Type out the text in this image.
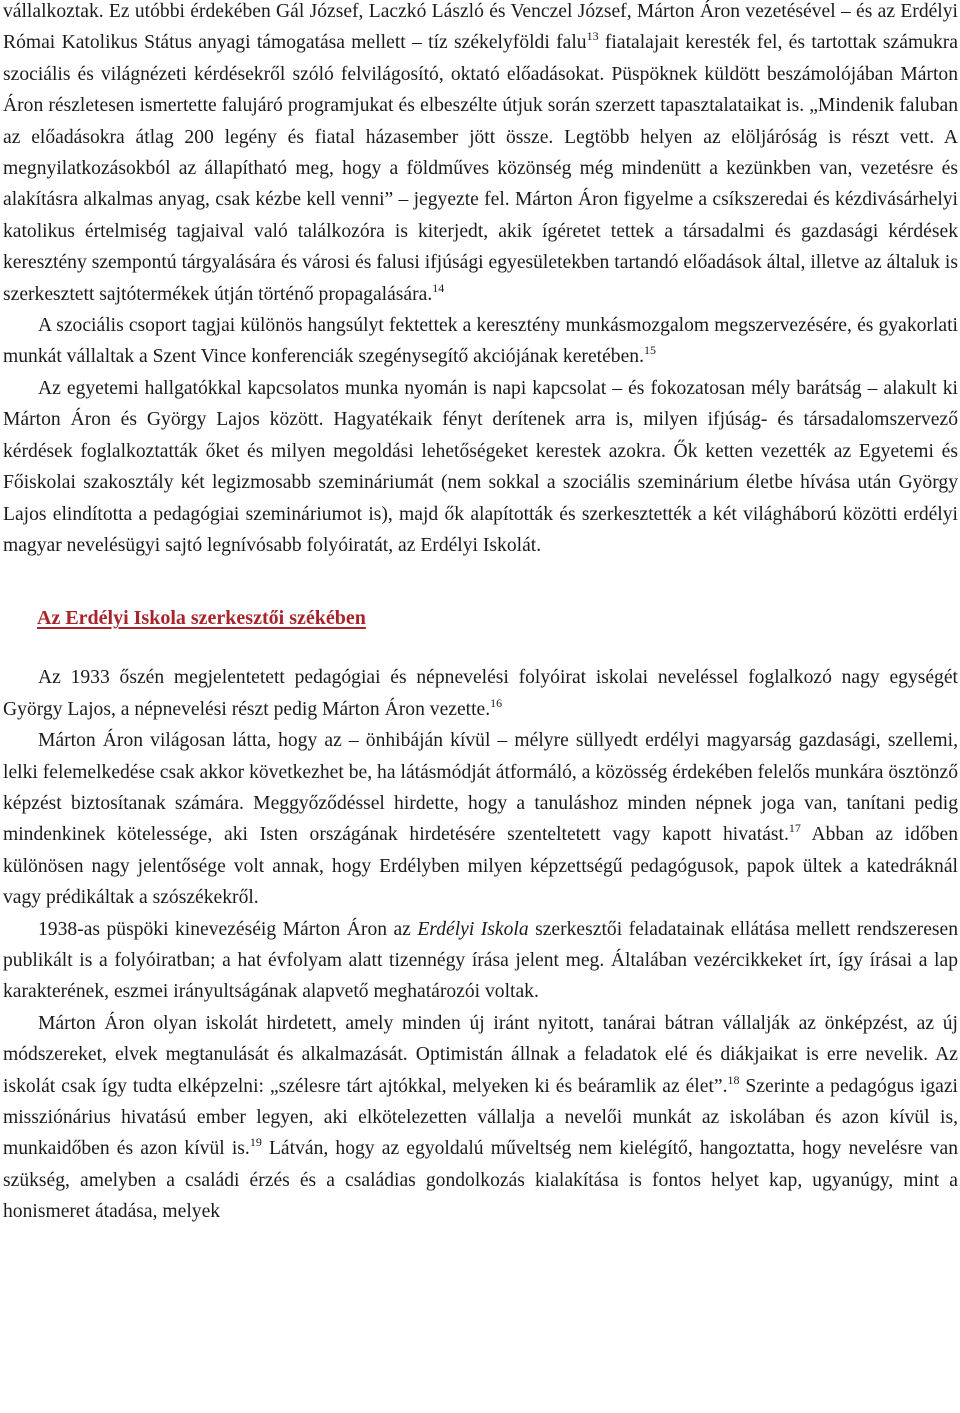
vállalkoztak. Ez utóbbi érdekében Gál József, Laczkó László és Venczel József, Márton Áron vezetésével – és az Erdélyi Római Katolikus Státus anyagi támogatása mellett – tíz székelyföldi falu$^{13}$ fiatalajait keresték fel, és tartottak számukra szociális és világnézeti kérdésekről szóló felvilágosító, oktató előadásokat. Püspöknek küldött beszámolójában Márton Áron részletesen ismertette falujáró programjukat és elbeszélte útjuk során szerzett tapasztalataikat is. „Mindenik faluban az előadásokra átlag 200 legény és fiatal házasember jött össze. Legtöbb helyen az elöljáróság is részt vett. A megnyilatkozásokból az állapítható meg, hogy a földműves közönség még mindenütt a kezünkben van, vezetésre és alakításra alkalmas anyag, csak kézbe kell venni” – jegyezte fel. Márton Áron figyelme a csíkszeredai és kézdivásárhelyi katolikus értelmiség tagjaival való találkozóra is kiterjedt, akik ígéretet tettek a társadalmi és gazdasági kérdések keresztény szempontú tárgyalására és városi és falusi ifjúsági egyesületekben tartandó előadások által, illetve az általuk is szerkesztett sajtótermékek útján történő propagalására.$^{14}$

A szociális csoport tagjai különös hangsúlyt fektettek a keresztény munkásmozgalom megszervezésére, és gyakorlati munkát vállaltak a Szent Vince konferenciák szegénysegítő akciójának keretében.$^{15}$

Az egyetemi hallgatókkal kapcsolatos munka nyomán is napi kapcsolat – és fokozatosan mély barátság – alakult ki Márton Áron és György Lajos között. Hagyatékaik fényt derítenek arra is, milyen ifjúság- és társadalomszervező kérdések foglalkoztatták őket és milyen megoldási lehetőségeket kerestek azokra. Ők ketten vezették az Egyetemi és Főiskolai szakosztály két legizmosabb szemináriumát (nem sokkal a szociális szeminárium életbe hívása után György Lajos elindította a pedagógiai szemináriumot is), majd ők alapították és szerkesztették a két világháború közötti erdélyi magyar nevelésügyi sajtó legnívósabb folyóiratát, az Erdélyi Iskolát.

Az Erdélyi Iskola szerkesztői székében

Az 1933 őszén megjelentetett pedagógiai és népnevelési folyóirat iskolai neveléssel foglalkozó nagy egységét György Lajos, a népnevelési részt pedig Márton Áron vezette.$^{16}$

Márton Áron világosan látta, hogy az – önhibáján kívül – mélyre süllyedt erdélyi magyarság gazdasági, szellemi, lelki felemelkedése csak akkor következhet be, ha látásmódját átformáló, a közösség érdekében felelős munkára ösztönző képzést biztosítanak számára. Meggyőződéssel hirdette, hogy a tanuláshoz minden népnek joga van, tanítani pedig mindenkinek kötelessége, aki Isten országának hirdetésére szenteltetett vagy kapott hivatást.$^{17}$ Abban az időben különösen nagy jelentősége volt annak, hogy Erdélyben milyen képzettségű pedagógusok, papok ültek a katedráknál vagy prédikáltak a szószékekről.

1938-as püspöki kinevezéséig Márton Áron az Erdélyi Iskola szerkesztői feladatainak ellátása mellett rendszeresen publikált is a folyóiratban; a hat évfolyam alatt tizennégy írása jelent meg. Általában vezércikkeket írt, így írásai a lap karakterének, eszmei irányultságának alapvető meghatározói voltak.

Márton Áron olyan iskolát hirdetett, amely minden új iránt nyitott, tanárai bátran vállalják az önképzést, az új módszereket, elvek megtanulását és alkalmazását. Optimistán állnak a feladatok elé és diákjaikat is erre nevelik. Az iskolát csak így tudta elképzelni: „szélesre tárt ajtókkal, melyeken ki és beáramlik az élet”.$^{18}$ Szerinte a pedagógus igazi missziónárius hivatású ember legyen, aki elkötelezetten vállalja a nevelői munkát az iskolában és azon kívül is, munkaidőben és azon kívül is.$^{19}$ Látván, hogy az egyoldalú műveltség nem kielégítő, hangoztatta, hogy nevelésre van szükség, amelyben a családi érzés és a családias gondolkozás kialakítása is fontos helyet kap, ugyanúgy, mint a honismeret átadása, melyek
